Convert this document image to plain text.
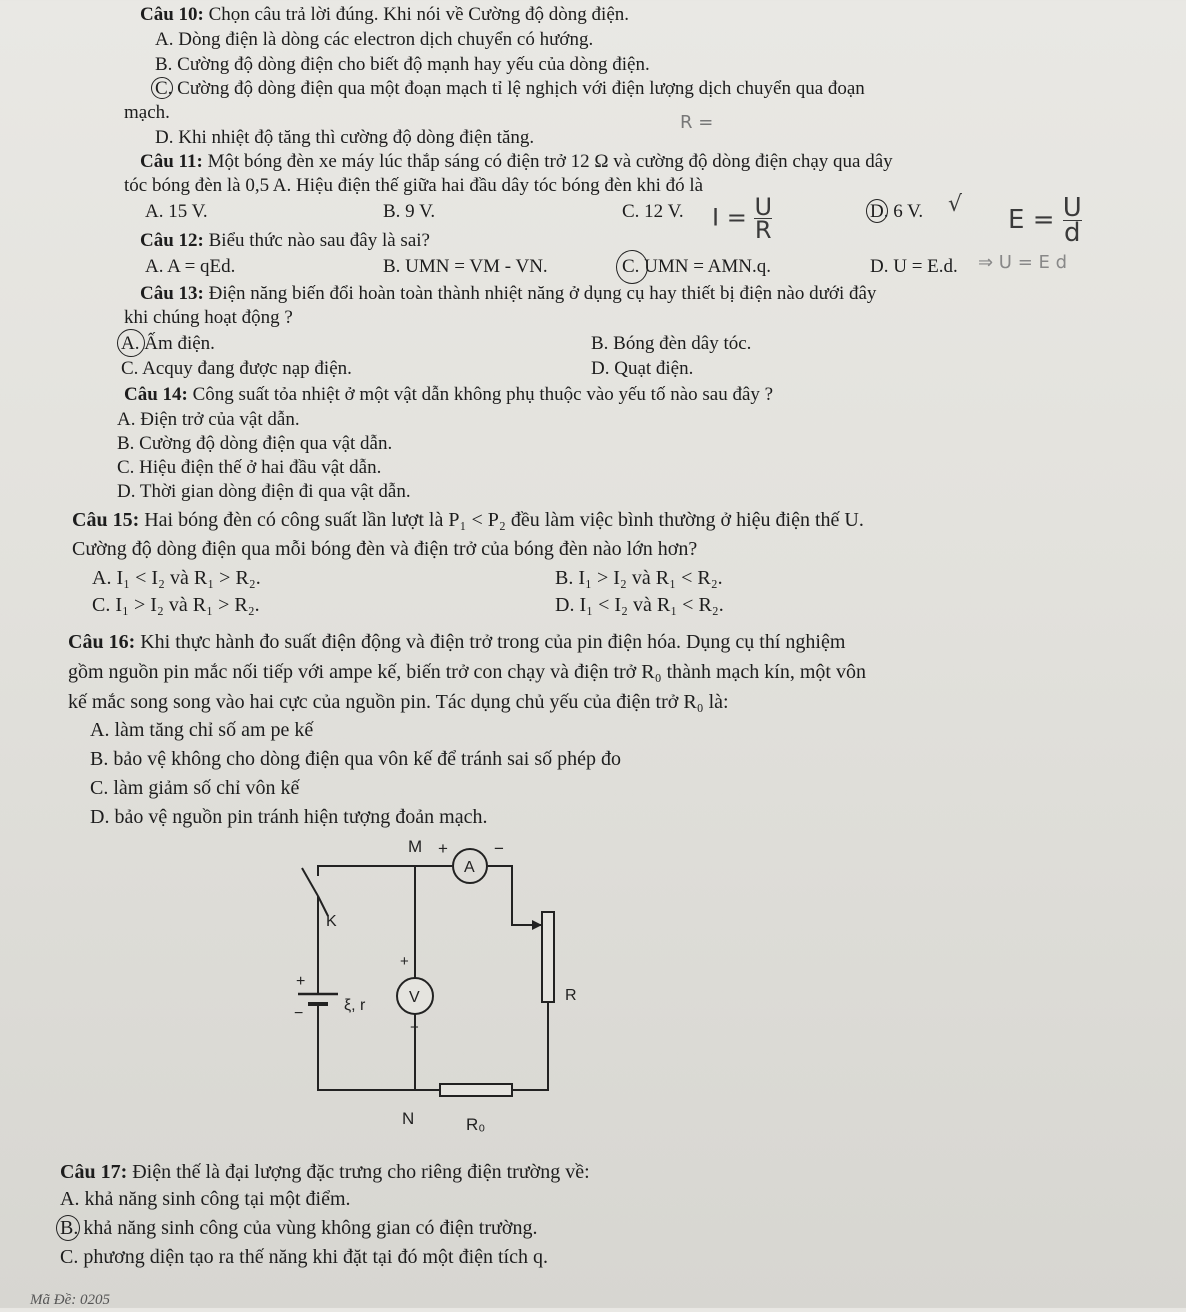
Câu 10: Chọn câu trả lời đúng. Khi nói về Cường độ dòng điện.
A. Dòng điện là dòng các electron dịch chuyển có hướng.
B. Cường độ dòng điện cho biết độ mạnh hay yếu của dòng điện.
C. Cường độ dòng điện qua một đoạn mạch tỉ lệ nghịch với điện lượng dịch chuyển qua đoạn
mạch.
D. Khi nhiệt độ tăng thì cường độ dòng điện tăng.
R =
Câu 11: Một bóng đèn xe máy lúc thắp sáng có điện trở 12 Ω và cường độ dòng điện chạy qua dây
tóc bóng đèn là 0,5 A. Hiệu điện thế giữa hai đầu dây tóc bóng đèn khi đó là
A. 15 V.	B. 9 V.	C. 12 V.	D. 6 V. √
$I = \frac{U}{R}$	$E = \frac{U}{d}$
Câu 12: Biểu thức nào sau đây là sai?
A. A = qEd.	B. UMN = VM - VN.	C. UMN = AMN.q.	D. U = E.d. ⇒ U = E d
Câu 13: Điện năng biến đổi hoàn toàn thành nhiệt năng ở dụng cụ hay thiết bị điện nào dưới đây
khi chúng hoạt động ?
A. Ấm điện.	B. Bóng đèn dây tóc.
C. Acquy đang được nạp điện.	D. Quạt điện.
Câu 14: Công suất tỏa nhiệt ở một vật dẫn không phụ thuộc vào yếu tố nào sau đây ?
A. Điện trở của vật dẫn.
B. Cường độ dòng điện qua vật dẫn.
C. Hiệu điện thế ở hai đầu vật dẫn.
D. Thời gian dòng điện đi qua vật dẫn.
Câu 15: Hai bóng đèn có công suất lần lượt là P₁ < P₂ đều làm việc bình thường ở hiệu điện thế U.
Cường độ dòng điện qua mỗi bóng đèn và điện trở của bóng đèn nào lớn hơn?
A. I₁ < I₂ và R₁ > R₂.	B. I₁ > I₂ và R₁ < R₂.
C. I₁ > I₂ và R₁ > R₂.	D. I₁ < I₂ và R₁ < R₂.
Câu 16: Khi thực hành đo suất điện động và điện trở trong của pin điện hóa. Dụng cụ thí nghiệm
gồm nguồn pin mắc nối tiếp với ampe kế, biến trở con chạy và điện trở R₀ thành mạch kín, một vôn
kế mắc song song vào hai cực của nguồn pin. Tác dụng chủ yếu của điện trở R₀ là:
A. làm tăng chỉ số am pe kế
B. bảo vệ không cho dòng điện qua vôn kế để tránh sai số phép đo
C. làm giảm số chỉ vôn kế
D. bảo vệ nguồn pin tránh hiện tượng đoản mạch.
M +
A
−
K
+
V
−
+
−	ξ, r
R
N	R₀
Câu 17: Điện thế là đại lượng đặc trưng cho riêng điện trường về:
A. khả năng sinh công tại một điểm.
B. khả năng sinh công của vùng không gian có điện trường.
C. phương diện tạo ra thế năng khi đặt tại đó một điện tích q.
Mã Đề: 0205
